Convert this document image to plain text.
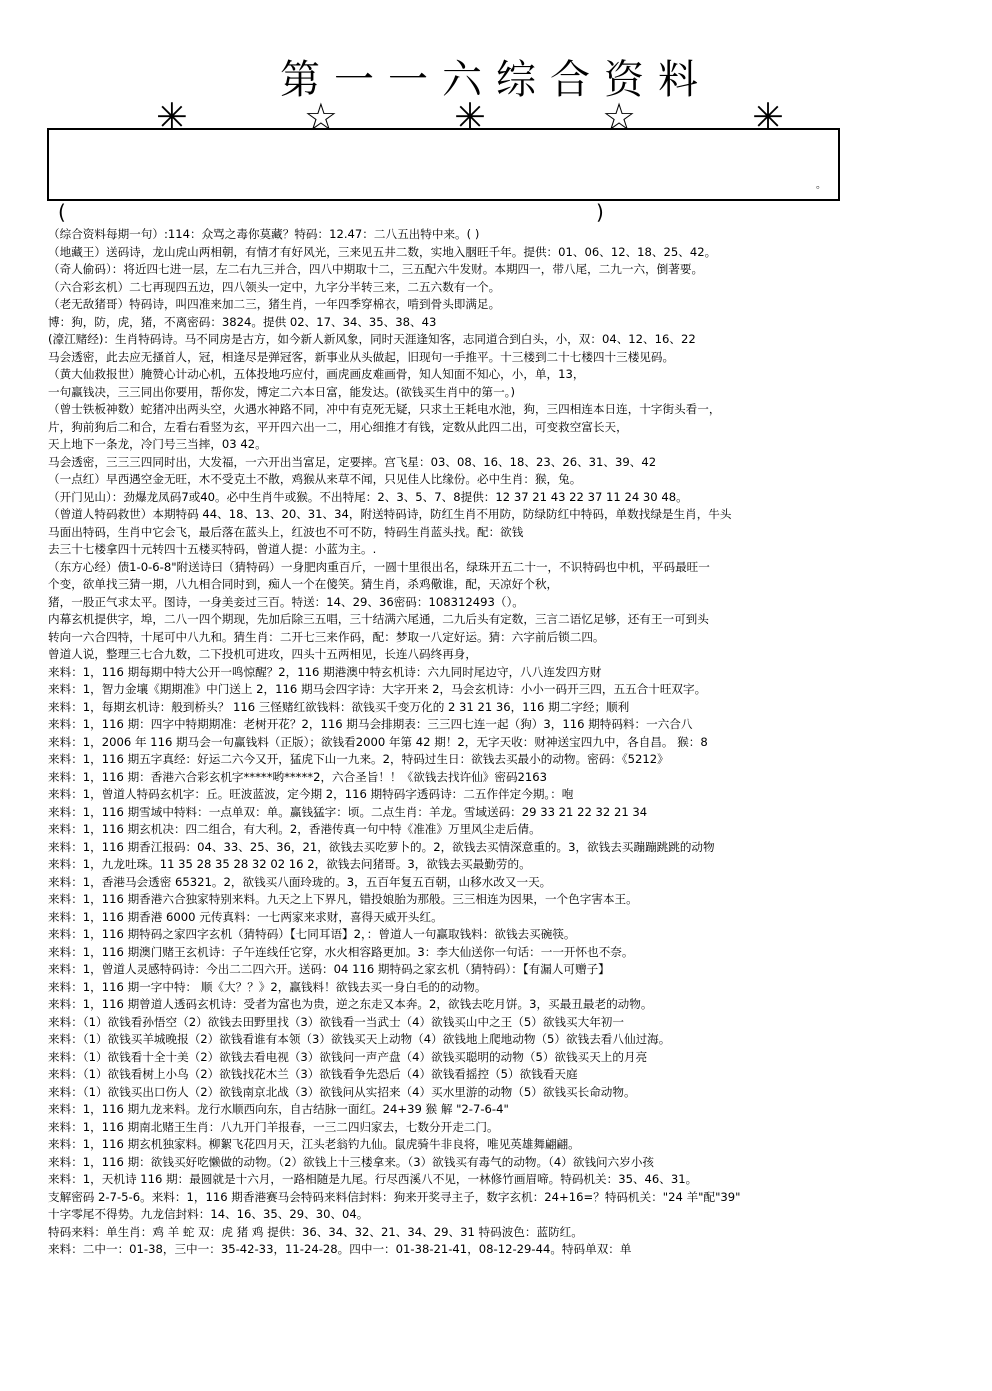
第一一六综合资料
✳ ☆ ✳ ☆ ✳
。
(	)
（综合资料每期一句）:114：众骂之毒你莫藏？特码：12.47：二八五出特中来。( )
（地藏王）送码诗，龙山虎山两相朝，有情才有好风光，三来见五井二数，实地入胭旺千年。提供：01、06、12、18、25、42。
（奇人偷码）：将近四七进一层，左二右九三并合，四八中期取十二，三五配六牛发财。本期四一，带八尾，二九一六，倒著要。
（六合彩玄机）二七再现四五边，四八领头一定中，九字分半转三来，二五六数有一个。
（老无敌猪哥）特码诗，叫四准来加二三，猪生肖，一年四季穿棉衣，啃到骨头即满足。
博：狗，防，虎，猪，不离密码：3824。提供 02、17、34、35、38、43
(濠江赌经)：生肖特码诗。马不同房是古方，如今新人新风象，同时天涯逢知客，志同道合到白头，小，双：04、12、16、22
马会透密，此去应无搔首人，冠，相逢尽是弹冠客，新事业从头做起，旧现句一手推平。十三楼到二十七楼四十三楼见码。
（黄大仙救报世）腌赞心计动心机，五体投地巧应付，画虎画皮难画骨，知人知面不知心，小，单，13，
一句赢钱决，三三同出你要用，帮你发，博定二六本日富，能发达。(欲钱买生肖中的第一。)
（曾士铁板神数）蛇猪冲出两头空，火遇水神路不同，冲中有克死无疑，只求土王耗电水池，狗，三四相连本日连，十字街头看一，
片，狗前狗后二和合，左看右看竖为玄，平开四六出一二，用心细推才有钱，定数从此四二出，可变救空富长天，
天上地下一条龙，冷门号三当摔，03 42。
马会透密，三三三四同时出，大发福，一六开出当富足，定要摔。宫飞星：03、08、16、18、23、26、31、39、42
（一点红）早西遇空金无旺，木不受克土不散，鸡猴从来草不闻，只见佳人比缘份。必中生肖：猴，兔。
（开门见山）：劲爆龙凤码7或40。必中生肖牛或猴。不出特尾：2、3、5、7、8提供：12 37 21 43 22 37 11 24 30 48。
（曾道人特码救世）本期特码 44、18、13、20、31、34，附送特码诗，防红生肖不用防，防绿防红中特码，单数找绿是生肖，牛头
马面出特码，生肖中它会飞，最后落在蓝头上，红波也不可不防，特码生肖蓝头找。配：欲钱
去三十七楼拿四十元转四十五楼买特码，曾道人提：小蓝为主。.
（东方心经）债1-0-6-8"附送诗曰（猜特码）一身肥肉重百斤，一圆十里很出名，绿珠开五二十一，不识特码也中机，平码最旺一
个变，欲单找三猜一期，八九相合同时到，痴人一个在傻笑。猜生肖，杀鸡儆谁，配，天凉好个秋，
猪，一股正气求太平。图诗，一身美妾过三百。特送：14、29、36密码：108312493（）。
内幕玄机提供字，埠，二八一四个期现，先加后除三五唱，三十结满六尾通，二九后头有定数，三言二语忆足够，还有王一可到头
转向一六合四特，十尾可中八九和。猜生肖：二开七三来作码，配：梦取一八定好运。猜：六字前后锁二四。
曾道人说，整理三七合九数，二下投机可进攻，四头十五两相见，长连八码终再身，
来料：1，116 期每期中特大公开一鸣惊醒？2，116 期港澳中特玄机诗：六九同时尾边守，八八连发四方财
来料：1，智力金壤《期期准》中门送上 2，116 期马会四字诗：大字开来 2，马会玄机诗：小小一码开三四，五五合十旺双字。
来料：1，每期玄机诗：般到桥头？ 116 三怪赌红欲钱料：欲钱买千变万化的 2 31 21 36，116 期二字经；顺利
来料：1，116 期：四字中特期期准：老树开花？2，116 期马会排期表：三三四七连一起（狗）3，116 期特码料：一六合八
来料：1，2006 年 116 期马会一句赢钱料（正版）；欲钱看2000 年第 42 期！2，无字天收：财神送宝四九中，各自昌。 猴：8
来料：1，116 期五字真经：好运二六今又开，猛虎下山一九来。2，特码过生日：欲钱去买最小的动物。密码：《5212》
来料：1，116 期：香港六合彩玄机字*****哟*****2，六合圣旨！！《欲钱去找许仙》密码2163
来料：1，曾道人特码玄机字：丘。旺波蓝波，定今期 2，116 期特码字透码诗：二五作伴定今期。：咆
来料：1，116 期雪域中特料：一点单双：单。赢钱猛字：顷。二点生肖：羊龙。雪域送码：29 33 21 22 32 21 34
来料：1，116 期玄机决：四二组合，有大利。2，香港传真一句中特《准准》万里风尘走后倩。
来料：1，116 期香江报码：04、33、25、36，21，欲钱去买吃萝卜的。2，欲钱去买情深意重的。3，欲钱去买蹦蹦跳跳的动物
来料：1，九龙吐珠。11 35 28 35 28 32 02 16 2，欲钱去问猪哥。3，欲钱去买最勤劳的。
来料：1，香港马会透密 65321。2，欲钱买八面玲珑的。3，五百年复五百朝，山移水改又一天。
来料：1，116 期香港六合独家特别来料。九天之上下界凡，错投娘胎为那般。三三相连为因果，一个色字害本王。
来料：1，116 期香港 6000 元传真料：一七两家来求财，喜得天威开头红。
来料：1，116 期特码之家四字玄机（猜特码）【七同耳语】2，：曾道人一句赢取钱料：欲钱去买碗筷。
来料：1，116 期澳门赌王玄机诗：子午连线任它穿，水火相容路更加。3：李大仙送你一句话：一一开怀也不奈。
来料：1，曾道人灵感特码诗：今出二二四六开。送码：04 116 期特码之家玄机（猜特码）：【有漏人可赠子】
来料：1，116 期一字中特： 顺《大？？》2，赢钱料！欲钱去买一身白毛的的动物。
来料：1，116 期曾道人透码玄机诗：受者为富也为贵，逆之东走又本奔。2，欲钱去吃月饼。3，买最丑最老的动物。
来料：（1）欲钱看孙悟空（2）欲钱去田野里找（3）欲钱看一当武士（4）欲钱买山中之王（5）欲钱买大年初一
来料：（1）欲钱买羊城晚报（2）欲钱看谁有本领（3）欲钱买天上动物（4）欲钱地上爬地动物（5）欲钱去看八仙过海。
来料：（1）欲钱看十全十美（2）欲钱去看电视（3）欲钱问一声产盘（4）欲钱买聪明的动物（5）欲钱买天上的月亮
来料：（1）欲钱看树上小鸟（2）欲钱找花木兰（3）欲钱看争先恐后（4）欲钱看摇控（5）欲钱看天庭
来料：（1）欲钱买出口伤人（2）欲钱南京北战（3）欲钱问从实招来（4）买水里游的动物（5）欲钱买长命动物。
来料：1，116 期九龙来料。龙行水顺西向东，自古结脉一面红。24+39 猴 解 "2-7-6-4"
来料：1，116 期南北赌王生肖：八九开门羊报春，一三二四归家去，七数分开走二门。
来料：1，116 期玄机独家料。柳絮飞花四月天，江头老翁钓九仙。鼠虎骑牛非良将，唯见英雄舞翩翩。
来料：1，116 期：欲钱买好吃懒做的动物。（2）欲钱上十三楼拿来。（3）欲钱买有毒气的动物。（4）欲钱问六岁小孩
来料：1，天机诗 116 期：最圆就是十六月，一路相随是九尾。行尽西溪八不见，一林修竹画眉啼。特码机关：35、46、31。
支解密码 2-7-5-6。来料：1，116 期香港赛马会特码来料信封料：狗来开奖寻主子，数字玄机：24+16=？特码机关："24 羊"配"39"
十字零尾不得势。九龙信封料：14、16、35、29、30、04。
特码来料：单生肖：鸡 羊 蛇 双：虎 猪 鸡 提供：36、34、32、21、34、29、31 特码波色：蓝防红。
来料：二中一：01-38，三中一：35-42-33，11-24-28。四中一：01-38-21-41，08-12-29-44。特码单双：单
